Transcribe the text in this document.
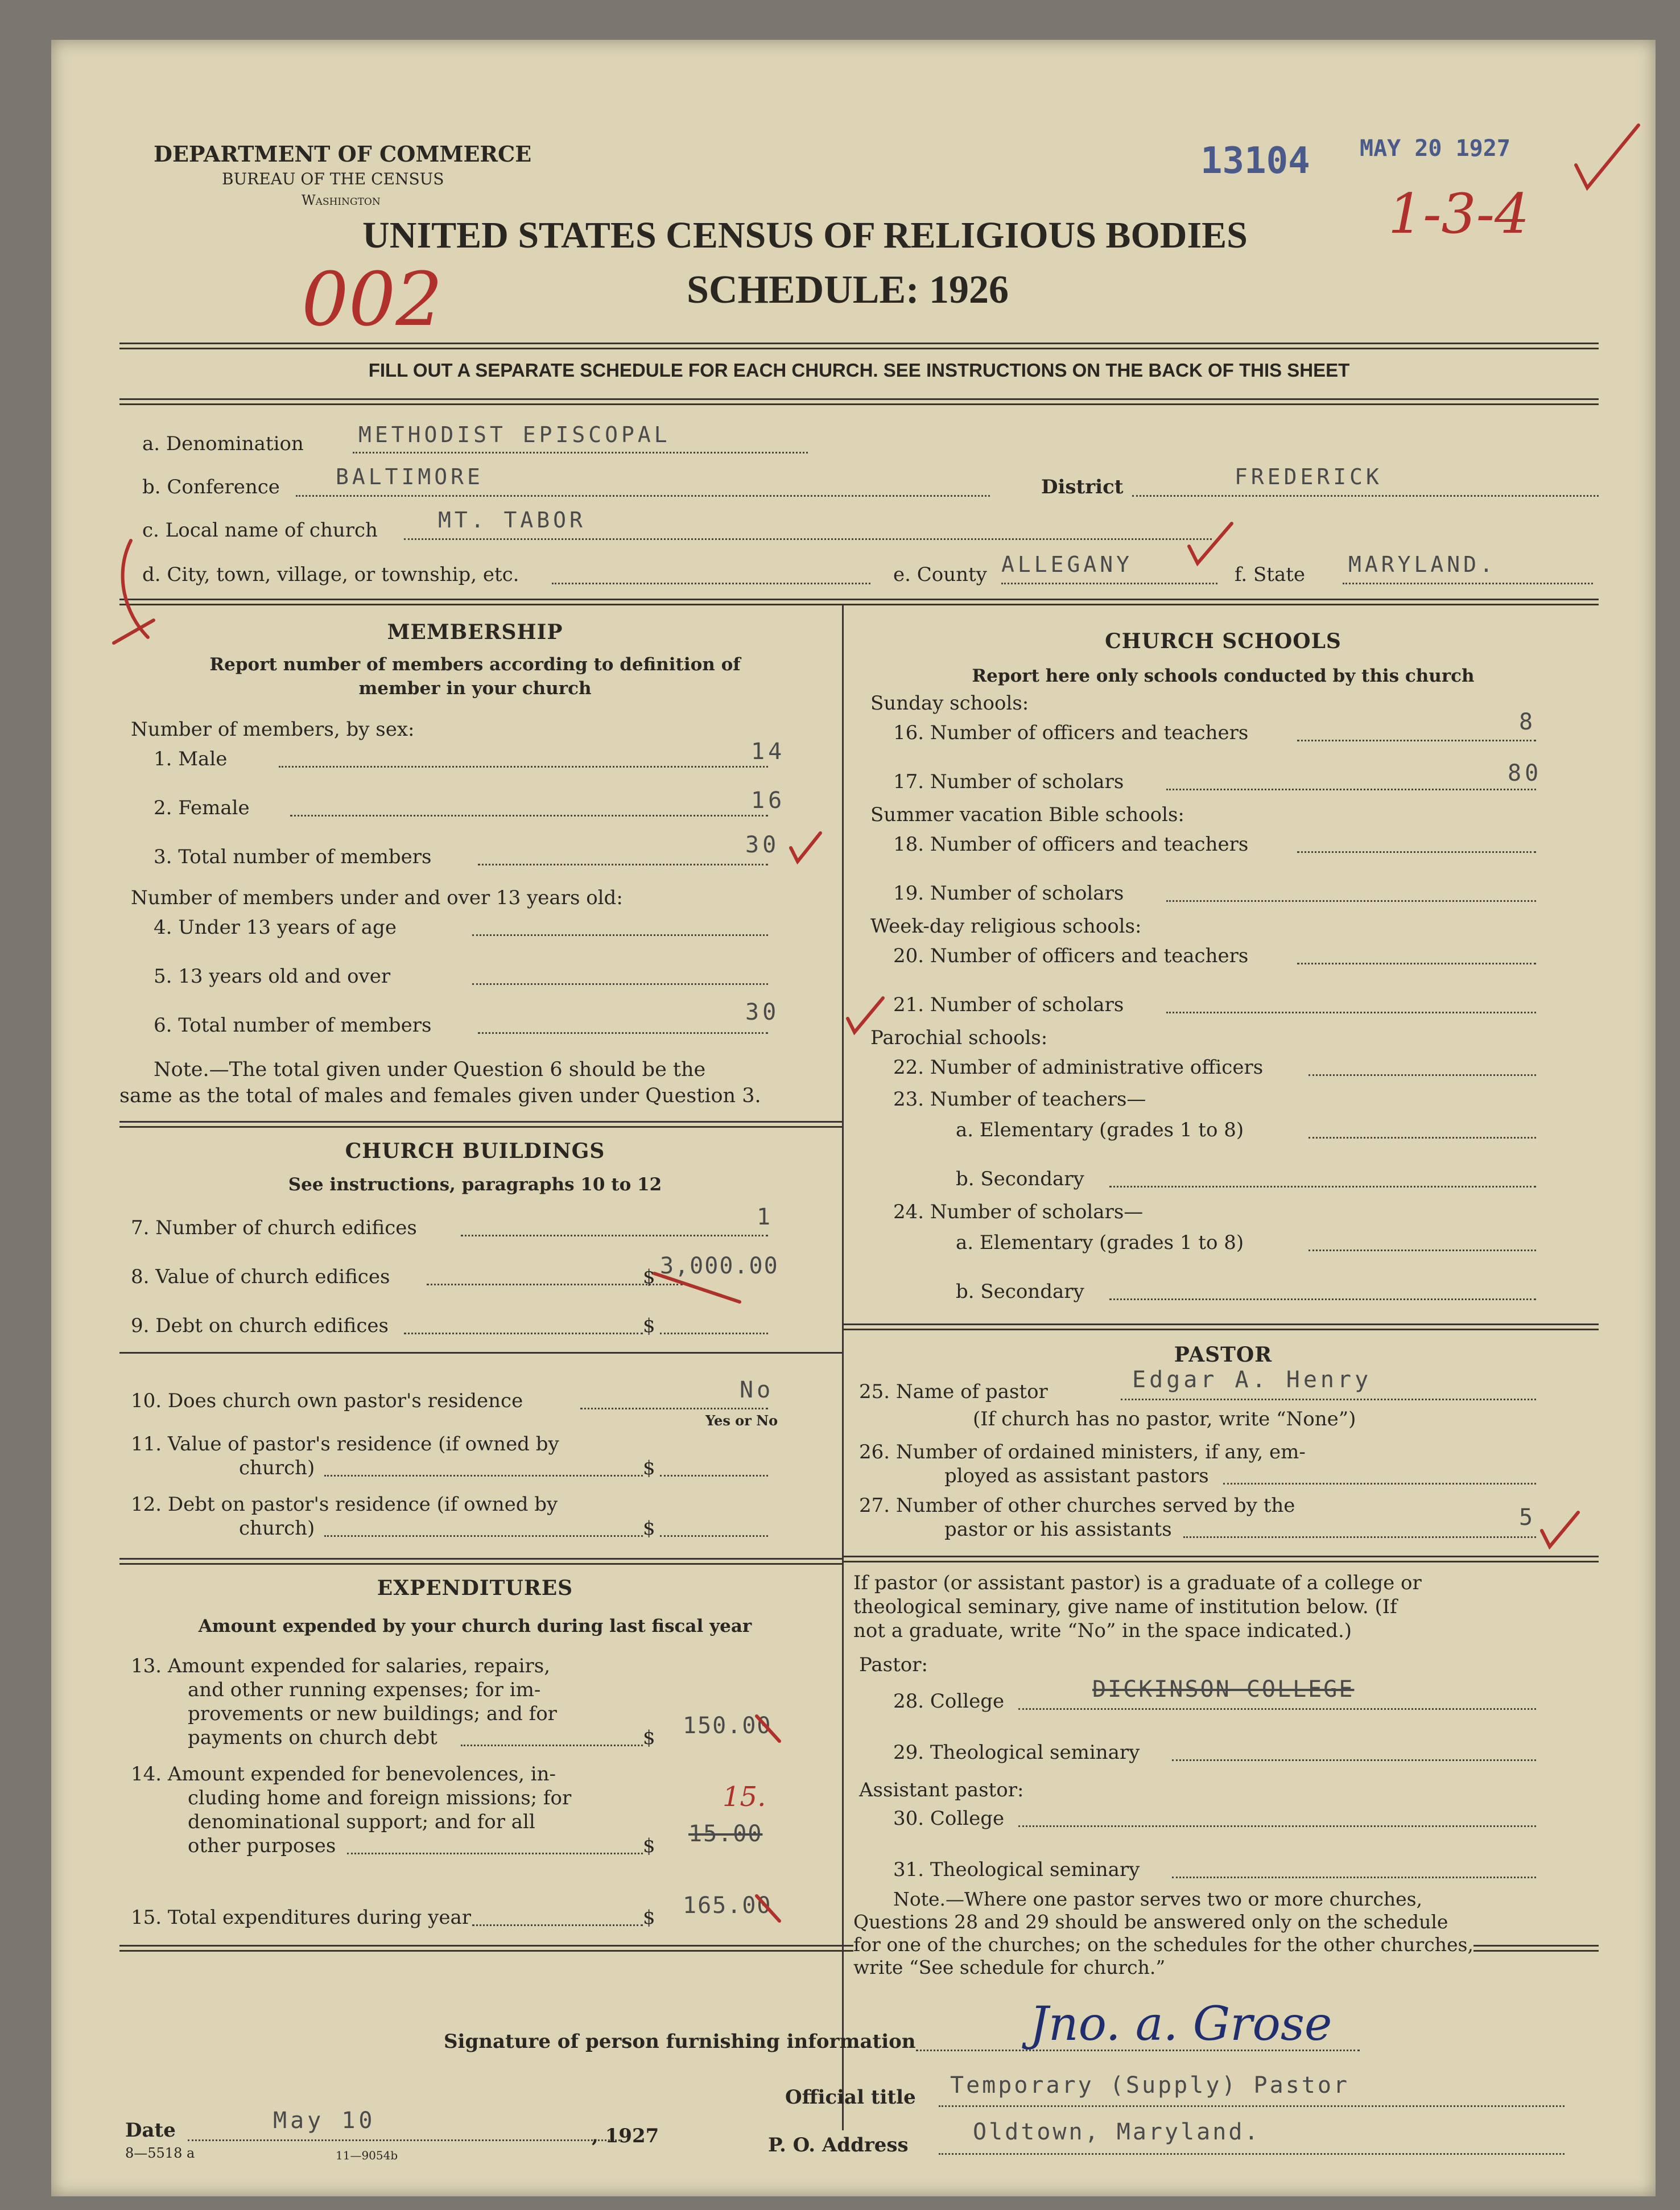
DEPARTMENT OF COMMERCE
BUREAU OF THE CENSUS
Washington
13104 MAY 20 1927
1-3-4
UNITED STATES CENSUS OF RELIGIOUS BODIES
SCHEDULE: 1926
002
FILL OUT A SEPARATE SCHEDULE FOR EACH CHURCH. SEE INSTRUCTIONS ON THE BACK OF THIS SHEET
a. Denomination	METHODIST EPISCOPAL
b. Conference	BALTIMORE	District	FREDERICK
c. Local name of church	MT. TABOR
d. City, town, village, or township, etc.	e. County ALLEGANY	f. State MARYLAND.
MEMBERSHIP
Report number of members according to definition of
member in your church
Number of members, by sex:
1. Male	14
2. Female	16
3. Total number of members	30
Number of members under and over 13 years old:
4. Under 13 years of age
5. 13 years old and over
6. Total number of members	30
Note.—The total given under Question 6 should be the
same as the total of males and females given under Question 3.
CHURCH BUILDINGS
See instructions, paragraphs 10 to 12
7. Number of church edifices	1
8. Value of church edifices	$ 3,000.00
9. Debt on church edifices	$
10. Does church own pastor's residence	No
Yes or No
11. Value of pastor's residence (if owned by
church)	$
12. Debt on pastor's residence (if owned by
church)	$
EXPENDITURES
Amount expended by your church during last fiscal year
13. Amount expended for salaries, repairs,
and other running expenses; for im-
provements or new buildings; and for
payments on church debt	$ 150.00
14. Amount expended for benevolences, in-
cluding home and foreign missions; for
denominational support; and for all
other purposes	$ 15.00
15.
15. Total expenditures during year	$ 165.00
CHURCH SCHOOLS
Report here only schools conducted by this church
Sunday schools:
16. Number of officers and teachers	8
17. Number of scholars	80
Summer vacation Bible schools:
18. Number of officers and teachers
19. Number of scholars
Week-day religious schools:
20. Number of officers and teachers
21. Number of scholars
Parochial schools:
22. Number of administrative officers
23. Number of teachers—
a. Elementary (grades 1 to 8)
b. Secondary
24. Number of scholars—
a. Elementary (grades 1 to 8)
b. Secondary
PASTOR
25. Name of pastor	Edgar A. Henry
(If church has no pastor, write “None”)
26. Number of ordained ministers, if any, em-
ployed as assistant pastors
27. Number of other churches served by the
pastor or his assistants	5
If pastor (or assistant pastor) is a graduate of a college or
theological seminary, give name of institution below. (If
not a graduate, write “No” in the space indicated.)
Pastor:
28. College	DICKINSON COLLEGE
29. Theological seminary
Assistant pastor:
30. College
31. Theological seminary
Note.—Where one pastor serves two or more churches,
Questions 28 and 29 should be answered only on the schedule
for one of the churches; on the schedules for the other churches,
write “See schedule for church.”
Signature of person furnishing information Jno. a. Grose
Official title Temporary (Supply) Pastor
Date	May 10
, 1927
8—5518 a	11—9054b	P. O. Address	Oldtown, Maryland.
